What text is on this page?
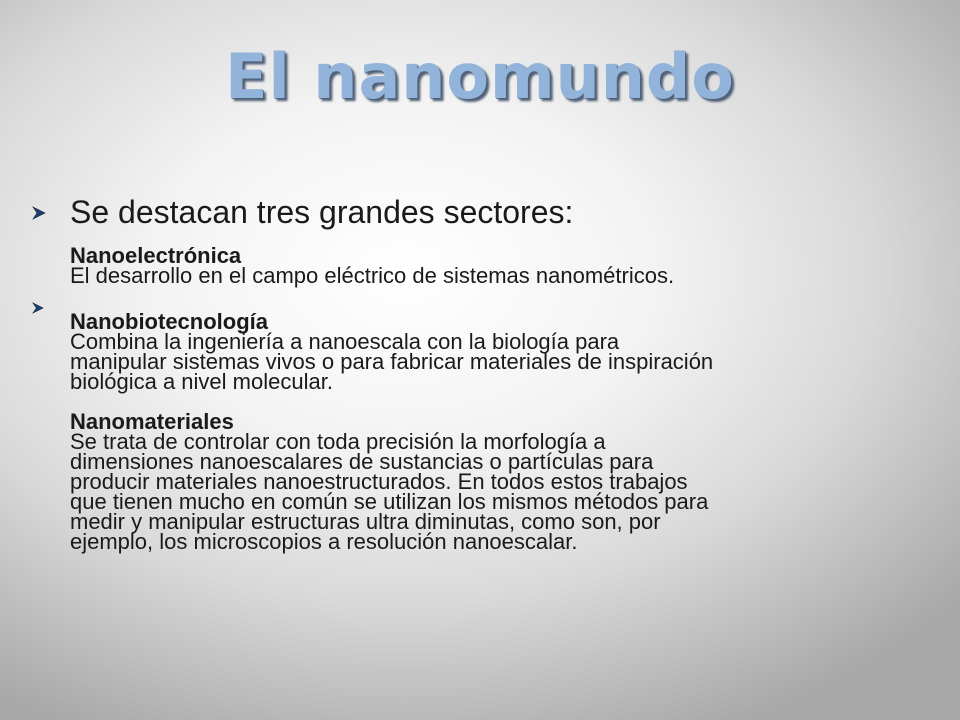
El nanomundo

Se destacan tres grandes sectores:

Nanoelectrónica

El desarrollo en el campo eléctrico de sistemas nanométricos.

Nanobiotecnología

Combina la ingeniería a nanoescala con la biología para
manipular sistemas vivos o para fabricar materiales de inspiración
biológica a nivel molecular.

Nanomateriales

Se trata de controlar con toda precisión la morfología a
dimensiones nanoescalares de sustancias o partículas para
producir materiales nanoestructurados. En todos estos trabajos
que tienen mucho en común se utilizan los mismos métodos para
medir y manipular estructuras ultra diminutas, como son, por
ejemplo, los microscopios a resolución nanoescalar.
